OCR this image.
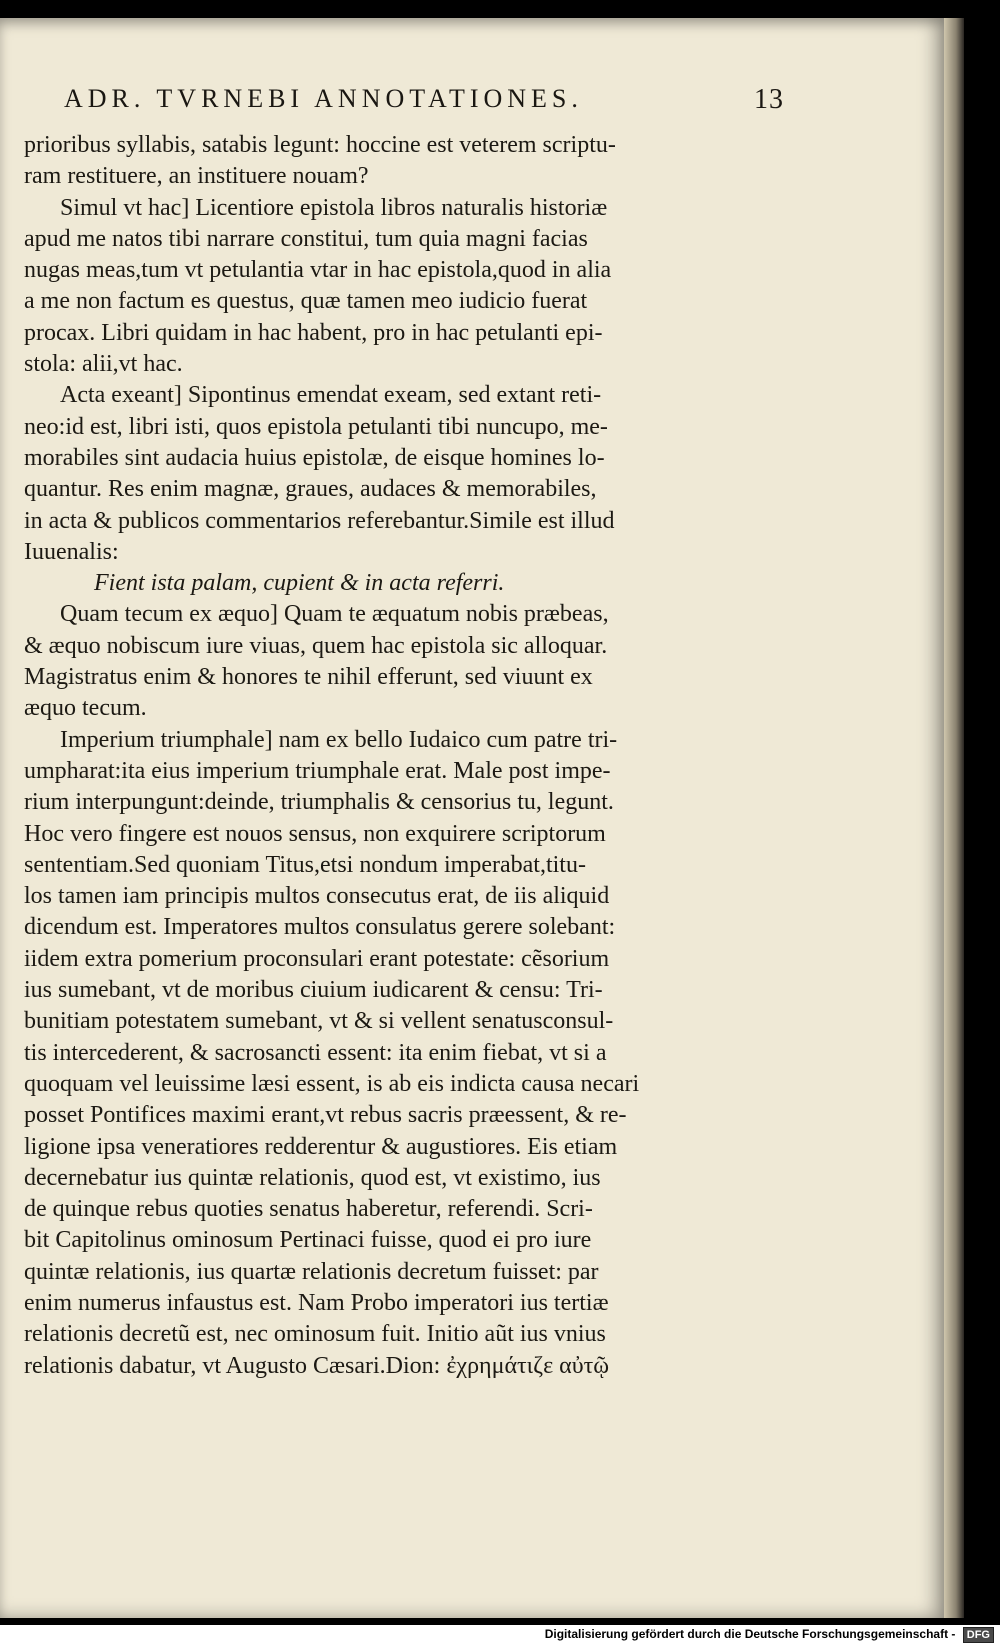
ADR. TVRNEBI ANNOTATIONES.	13

prioribus syllabis, satabis legunt: hoccine est veterem scriptu-

ram restituere, an instituere nouam?

Simul vt hac] Licentiore epistola libros naturalis historiæ

apud me natos tibi narrare constitui, tum quia magni facias

nugas meas,tum vt petulantia vtar in hac epistola,quod in alia

a me non factum es questus, quæ tamen meo iudicio fuerat

procax. Libri quidam in hac habent, pro in hac petulanti epi-

stola: alii,vt hac.

Acta exeant] Sipontinus emendat exeam, sed extant reti-

neo:id est, libri isti, quos epistola petulanti tibi nuncupo, me-

morabiles sint audacia huius epistolæ, de eisque homines lo-

quantur. Res enim magnæ, graues, audaces & memorabiles,

in acta & publicos commentarios referebantur.Simile est illud

Iuuenalis:

Fient ista palam, cupient & in acta referri.

Quam tecum ex æquo] Quam te æquatum nobis præbeas,

& æquo nobiscum iure viuas, quem hac epistola sic alloquar.

Magistratus enim & honores te nihil efferunt, sed viuunt ex

æquo tecum.

Imperium triumphale] nam ex bello Iudaico cum patre tri-

umpharat:ita eius imperium triumphale erat. Male post impe-

rium interpungunt:deinde, triumphalis & censorius tu, legunt.

Hoc vero fingere est nouos sensus, non exquirere scriptorum

sententiam.Sed quoniam Titus,etsi nondum imperabat,titu-

los tamen iam principis multos consecutus erat, de iis aliquid

dicendum est. Imperatores multos consulatus gerere solebant:

iidem extra pomerium proconsulari erant potestate: cẽsorium

ius sumebant, vt de moribus ciuium iudicarent & censu: Tri-

bunitiam potestatem sumebant, vt & si vellent senatusconsul-

tis intercederent, & sacrosancti essent: ita enim fiebat, vt si a

quoquam vel leuissime læsi essent, is ab eis indicta causa necari

posset Pontifices maximi erant,vt rebus sacris præessent, & re-

ligione ipsa veneratiores redderentur & augustiores. Eis etiam

decernebatur ius quintæ relationis, quod est, vt existimo, ius

de quinque rebus quoties senatus haberetur, referendi. Scri-

bit Capitolinus ominosum Pertinaci fuisse, quod ei pro iure

quintæ relationis, ius quartæ relationis decretum fuisset: par

enim numerus infaustus est. Nam Probo imperatori ius tertiæ

relationis decretũ est, nec ominosum fuit. Initio aũt ius vnius

relationis dabatur, vt Augusto Cæsari.Dion: ἐχρημάτιζε αὐτῷ

Digitalisierung gefördert durch die Deutsche Forschungsgemeinschaft - DFG
